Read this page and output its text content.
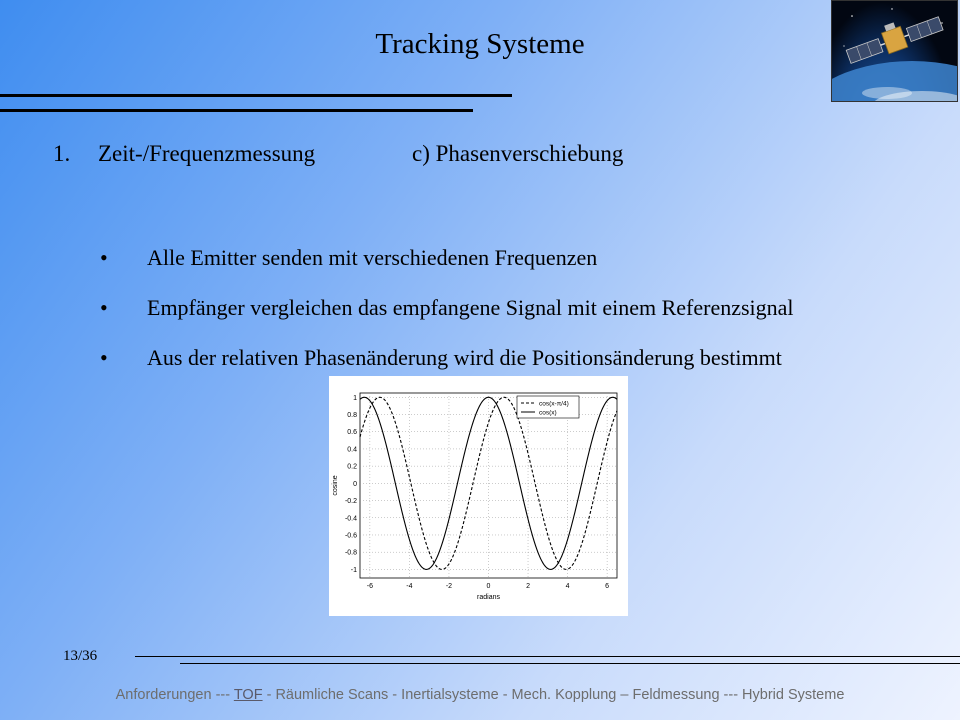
Tracking Systeme
1. Zeit-/Frequenzmessung	c) Phasenverschiebung
• Alle Emitter senden mit verschiedenen Frequenzen
• Empfänger vergleichen das empfangene Signal mit einem Referenzsignal
• Aus der relativen Phasenänderung wird die Positionsänderung bestimmt
-6	-4	-2	0	2	4	6
1
0.8
0.6
0.4
0.2
0
-0.2
-0.4
-0.6
-0.8
-1
radians
cosine
cos(x-π/4)
cos(x)
13/36
Anforderungen --- TOF - Räumliche Scans - Inertialsysteme - Mech. Kopplung – Feldmessung --- Hybrid Systeme
